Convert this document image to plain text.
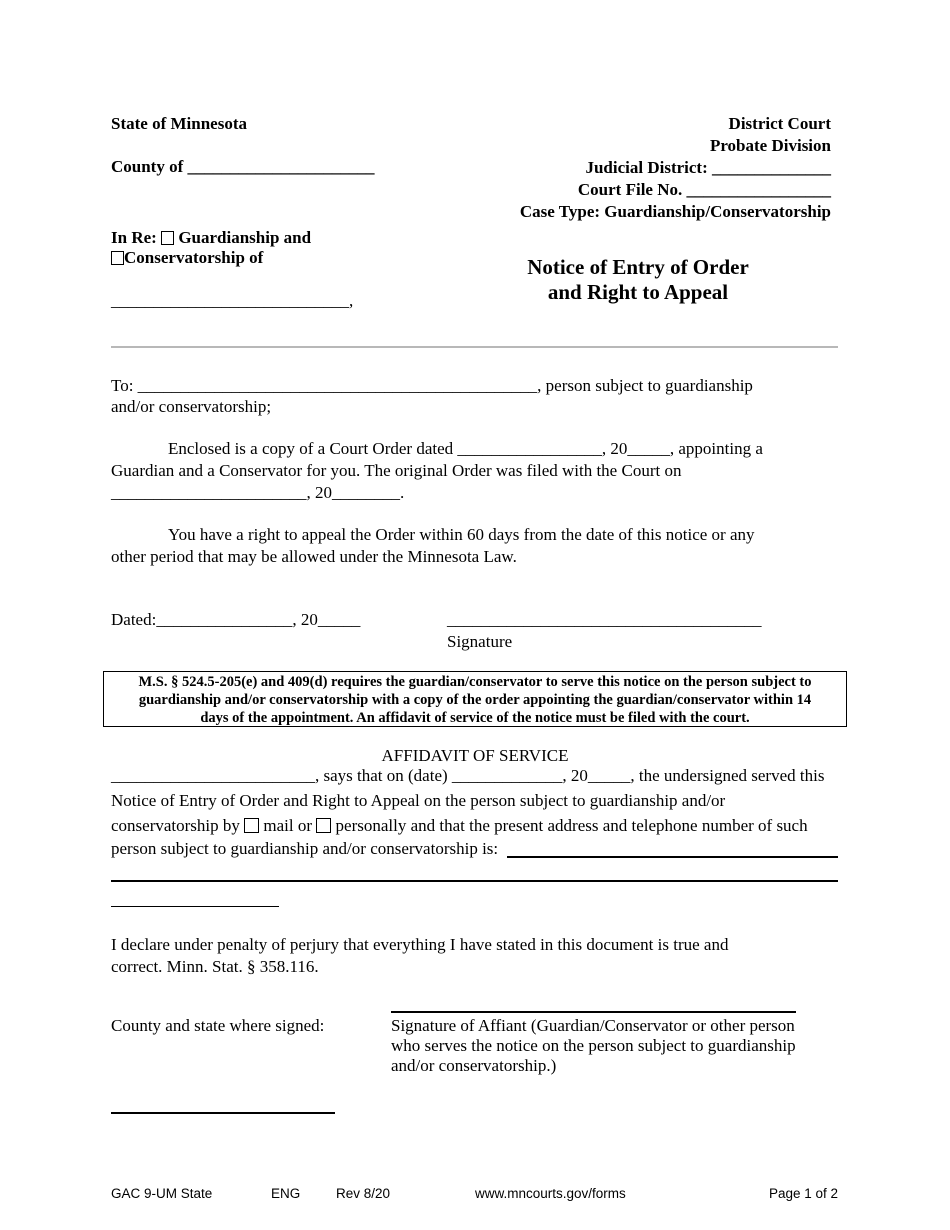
State of Minnesota
County of ______________________
District Court
Probate Division
Judicial District: ______________
Court File No. _________________
Case Type: Guardianship/Conservatorship
In Re: Guardianship and
Conservatorship of
____________________________,
Notice of Entry of Order
and Right to Appeal
To: _______________________________________________, person subject to guardianship
and/or conservatorship;
Enclosed is a copy of a Court Order dated _________________, 20_____, appointing a
Guardian and a Conservator for you. The original Order was filed with the Court on
_______________________, 20________.
You have a right to appeal the Order within 60 days from the date of this notice or any
other period that may be allowed under the Minnesota Law.
Dated:________________, 20_____	_____________________________________
Signature
M.S. § 524.5-205(e) and 409(d) requires the guardian/conservator to serve this notice on the person subject to
guardianship and/or conservatorship with a copy of the order appointing the guardian/conservator within 14
days of the appointment. An affidavit of service of the notice must be filed with the court.
AFFIDAVIT OF SERVICE
________________________, says that on (date) _____________, 20_____, the undersigned served this
Notice of Entry of Order and Right to Appeal on the person subject to guardianship and/or
conservatorship by mail or personally and that the present address and telephone number of such
person subject to guardianship and/or conservatorship is:
I declare under penalty of perjury that everything I have stated in this document is true and
correct. Minn. Stat. § 358.116.
County and state where signed:	Signature of Affiant (Guardian/Conservator or other person
who serves the notice on the person subject to guardianship
and/or conservatorship.)
GAC 9-UM State	ENG	Rev 8/20	www.mncourts.gov/forms	Page 1 of 2
